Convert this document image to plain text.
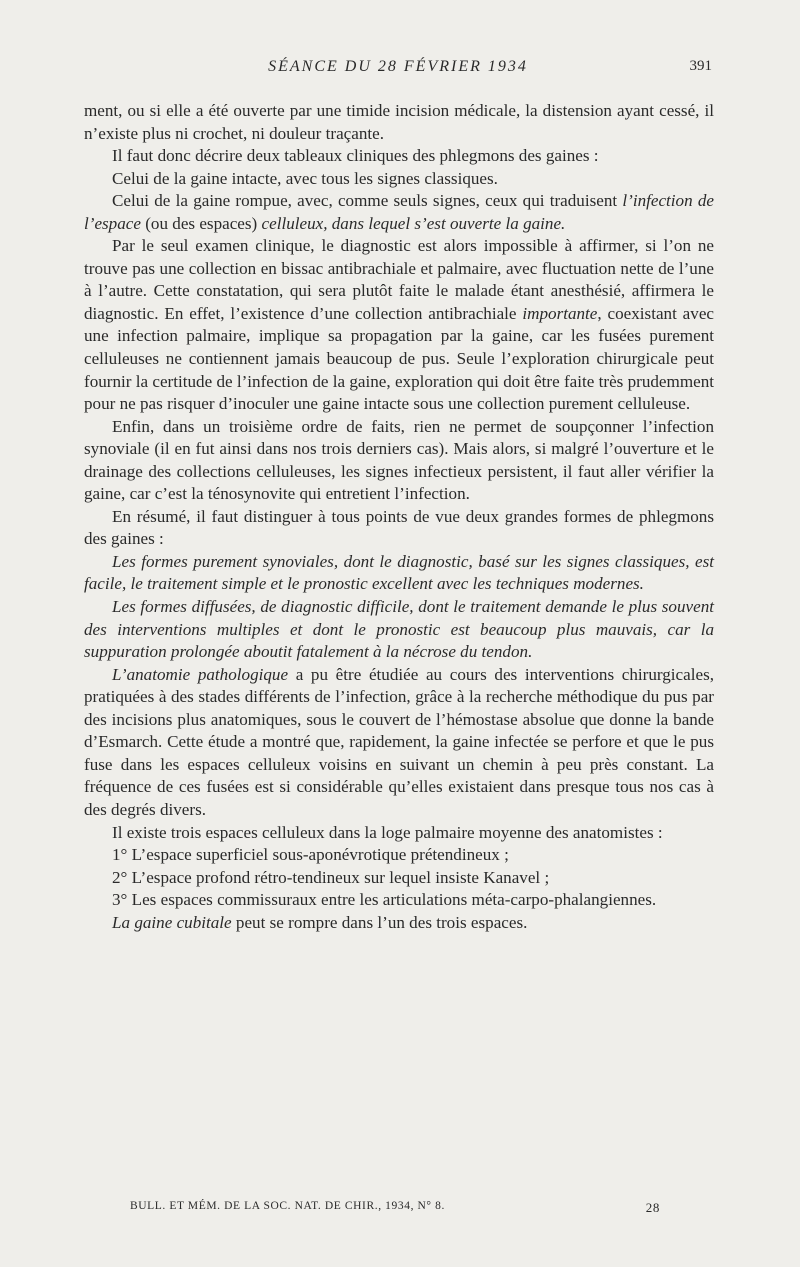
SÉANCE DU 28 FÉVRIER 1934	391

ment, ou si elle a été ouverte par une timide incision médicale, la distension ayant cessé, il n’existe plus ni crochet, ni douleur traçante.

Il faut donc décrire deux tableaux cliniques des phlegmons des gaines :

Celui de la gaine intacte, avec tous les signes classiques.

Celui de la gaine rompue, avec, comme seuls signes, ceux qui traduisent l’infection de l’espace (ou des espaces) celluleux, dans lequel s’est ouverte la gaine.

Par le seul examen clinique, le diagnostic est alors impossible à affirmer, si l’on ne trouve pas une collection en bissac antibrachiale et palmaire, avec fluctuation nette de l’une à l’autre. Cette constatation, qui sera plutôt faite le malade étant anesthésié, affirmera le diagnostic. En effet, l’existence d’une collection antibrachiale importante, coexistant avec une infection palmaire, implique sa propagation par la gaine, car les fusées purement celluleuses ne contiennent jamais beaucoup de pus. Seule l’exploration chirurgicale peut fournir la certitude de l’infection de la gaine, exploration qui doit être faite très prudemment pour ne pas risquer d’inoculer une gaine intacte sous une collection purement celluleuse.

Enfin, dans un troisième ordre de faits, rien ne permet de soupçonner l’infection synoviale (il en fut ainsi dans nos trois derniers cas). Mais alors, si malgré l’ouverture et le drainage des collections celluleuses, les signes infectieux persistent, il faut aller vérifier la gaine, car c’est la ténosynovite qui entretient l’infection.

En résumé, il faut distinguer à tous points de vue deux grandes formes de phlegmons des gaines :

Les formes purement synoviales, dont le diagnostic, basé sur les signes classiques, est facile, le traitement simple et le pronostic excellent avec les techniques modernes.

Les formes diffusées, de diagnostic difficile, dont le traitement demande le plus souvent des interventions multiples et dont le pronostic est beaucoup plus mauvais, car la suppuration prolongée aboutit fatalement à la nécrose du tendon.

L’anatomie pathologique a pu être étudiée au cours des interventions chirurgicales, pratiquées à des stades différents de l’infection, grâce à la recherche méthodique du pus par des incisions plus anatomiques, sous le couvert de l’hémostase absolue que donne la bande d’Esmarch. Cette étude a montré que, rapidement, la gaine infectée se perfore et que le pus fuse dans les espaces celluleux voisins en suivant un chemin à peu près constant. La fréquence de ces fusées est si considérable qu’elles existaient dans presque tous nos cas à des degrés divers.

Il existe trois espaces celluleux dans la loge palmaire moyenne des anatomistes :

1° L’espace superficiel sous-aponévrotique prétendineux ;

2° L’espace profond rétro-tendineux sur lequel insiste Kanavel ;

3° Les espaces commissuraux entre les articulations méta-carpo-phalangiennes.

La gaine cubitale peut se rompre dans l’un des trois espaces.

BULL. ET MÉM. DE LA SOC. NAT. DE CHIR., 1934, N° 8.	28
